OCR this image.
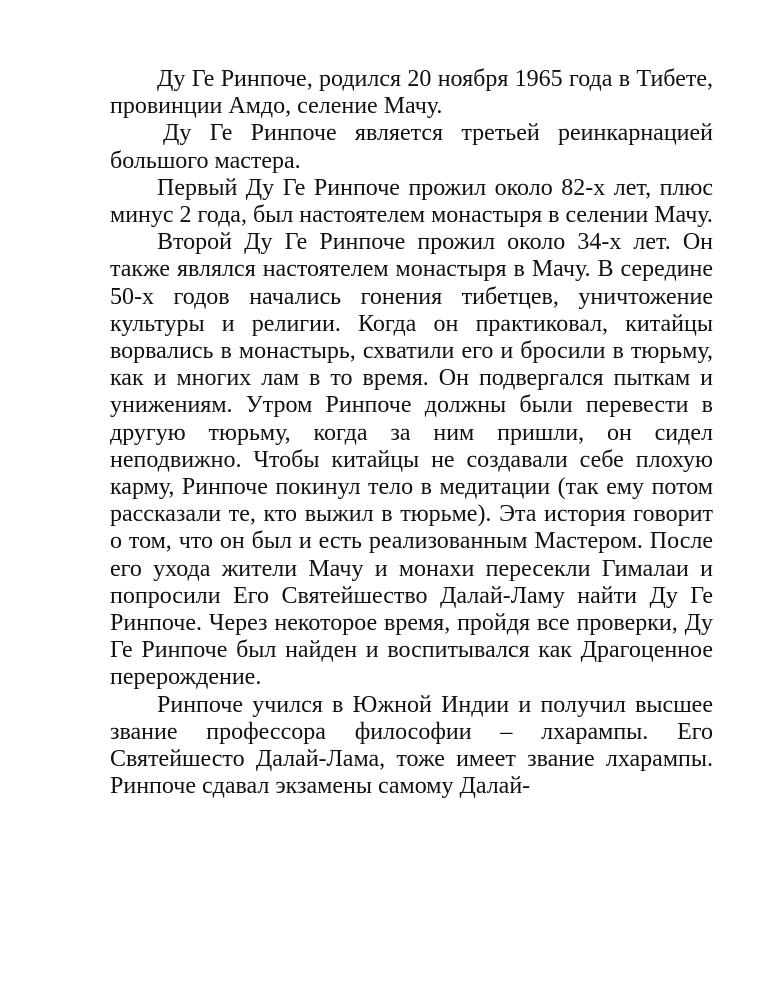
Ду Ге Ринпоче, родился 20 ноября 1965 года в Тибете, провинции Амдо, селение Мачу.

Ду Ге Ринпоче является третьей реинкарнацией большого мастера.

Первый Ду Ге Ринпоче прожил около 82-х лет, плюс минус 2 года, был настоятелем монастыря в селении Мачу.

Второй Ду Ге Ринпоче прожил около 34-х лет. Он также являлся настоятелем монастыря в Мачу. В середине 50-х годов начались гонения тибетцев, уничтожение культуры и религии. Когда он практиковал, китайцы ворвались в монастырь, схватили его и бросили в тюрьму, как и многих лам в то время. Он подвергался пыткам и унижениям. Утром Ринпоче должны были перевести в другую тюрьму, когда за ним пришли, он сидел неподвижно. Чтобы китайцы не создавали себе плохую карму, Ринпоче покинул тело в медитации (так ему потом рассказали те, кто выжил в тюрьме). Эта история говорит о том, что он был и есть реализованным Мастером. После его ухода жители Мачу и монахи пересекли Гималаи и попросили Его Святейшество Далай-Ламу найти Ду Ге Ринпоче. Через некоторое время, пройдя все проверки, Ду Ге Ринпоче был найден и воспитывался как Драгоценное перерождение.

Ринпоче учился в Южной Индии и получил высшее звание профессора философии – лхарампы. Его Святейшесто Далай-Лама, тоже имеет звание лхарампы. Ринпоче сдавал экзамены самому Далай-
